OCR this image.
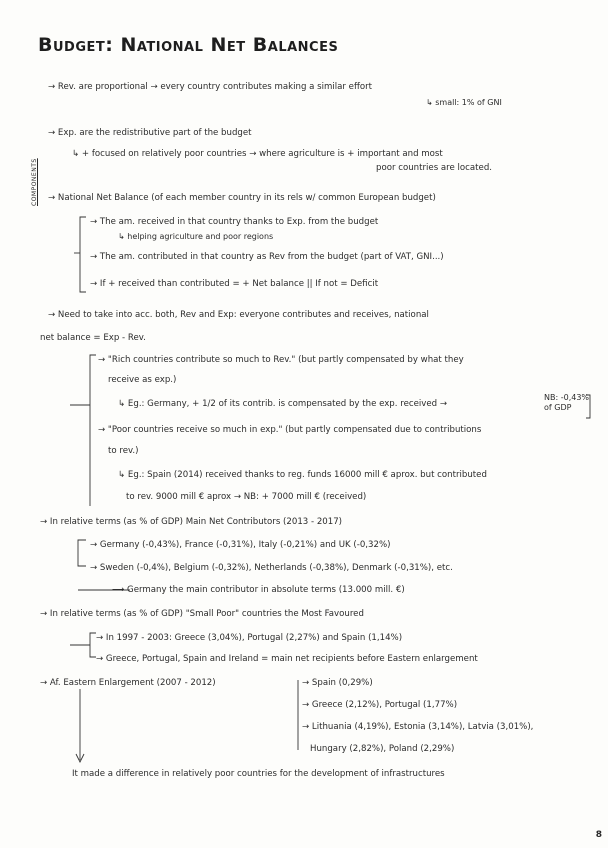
Budget: National Net Balances
COMPONENTS
→ Rev. are proportional → every country contributes making a similar effort
↳ small: 1% of GNI
→ Exp. are the redistributive part of the budget
↳ + focused on relatively poor countries → where agriculture is + important and most
poor countries are located.
→ National Net Balance (of each member country in its rels w/ common European budget)
→ The am. received in that country thanks to Exp. from the budget
↳ helping agriculture and poor regions
→ The am. contributed in that country as Rev from the budget (part of VAT, GNI...)
→ If + received than contributed = + Net balance || If not = Deficit
→ Need to take into acc. both, Rev and Exp: everyone contributes and receives, national
net balance = Exp - Rev.
→ "Rich countries contribute so much to Rev." (but partly compensated by what they
receive as exp.)
↳ Eg.: Germany, + 1/2 of its contrib. is compensated by the exp. received →
NB: -0,43% of GDP
→ "Poor countries receive so much in exp." (but partly compensated due to contributions
to rev.)
↳ Eg.: Spain (2014) received thanks to reg. funds 16000 mill € aprox. but contributed
to rev. 9000 mill € aprox → NB: + 7000 mill € (received)
→ In relative terms (as % of GDP) Main Net Contributors (2013 - 2017)
→ Germany (-0,43%), France (-0,31%), Italy (-0,21%) and UK (-0,32%)
→ Sweden (-0,4%), Belgium (-0,32%), Netherlands (-0,38%), Denmark (-0,31%), etc.
⟶ Germany the main contributor in absolute terms (13.000 mill. €)
→ In relative terms (as % of GDP) "Small Poor" countries the Most Favoured
→ In 1997 - 2003: Greece (3,04%), Portugal (2,27%) and Spain (1,14%)
→ Greece, Portugal, Spain and Ireland = main net recipients before Eastern enlargement
→ Af. Eastern Enlargement (2007 - 2012)	→ Spain (0,29%)
→ Greece (2,12%), Portugal (1,77%)
→ Lithuania (4,19%), Estonia (3,14%), Latvia (3,01%),
Hungary (2,82%), Poland (2,29%)
It made a difference in relatively poor countries for the development of infrastructures
8
